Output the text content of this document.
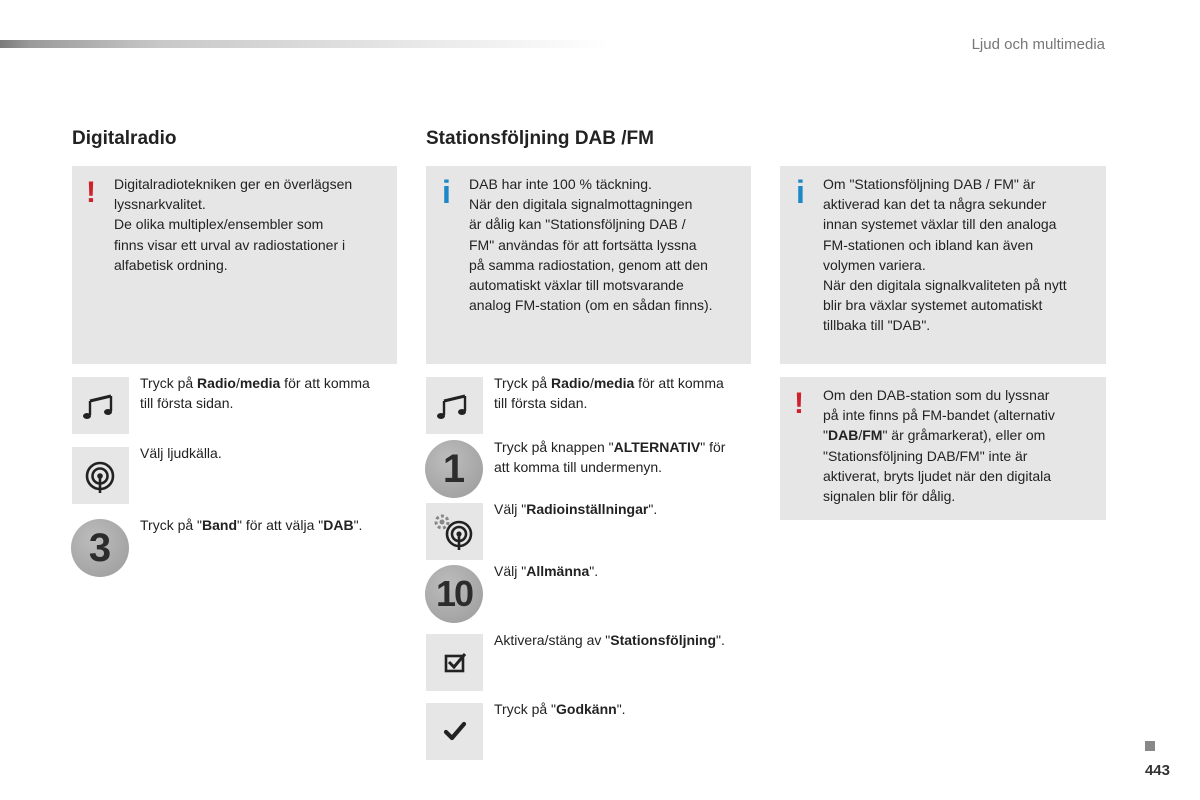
Ljud och multimedia
Digitalradio
! Digitalradiotekniken ger en överlägsen
lyssnarkvalitet.
De olika multiplex/ensembler som
finns visar ett urval av radiostationer i
alfabetisk ordning.
Tryck på Radio/media för att komma
till första sidan.
Välj ljudkälla.
3
Tryck på "Band" för att välja "DAB".
Stationsföljning DAB /FM
i DAB har inte 100 % täckning.
När den digitala signalmottagningen
är dålig kan "Stationsföljning DAB /
FM" användas för att fortsätta lyssna
på samma radiostation, genom att den
automatiskt växlar till motsvarande
analog FM-station (om en sådan finns).
Tryck på Radio/media för att komma
till första sidan.
1	Tryck på knappen "ALTERNATIV" för
att komma till undermenyn.
Välj "Radioinställningar".
10
Välj "Allmänna".
Aktivera/stäng av "Stationsföljning".
Tryck på "Godkänn".
i Om "Stationsföljning DAB / FM" är
aktiverad kan det ta några sekunder
innan systemet växlar till den analoga
FM-stationen och ibland kan även
volymen variera.
När den digitala signalkvaliteten på nytt
blir bra växlar systemet automatiskt
tillbaka till "DAB".
! Om den DAB-station som du lyssnar
på inte finns på FM-bandet (alternativ
"DAB/FM" är gråmarkerat), eller om
"Stationsföljning DAB/FM" inte är
aktiverat, bryts ljudet när den digitala
signalen blir för dålig.
443
